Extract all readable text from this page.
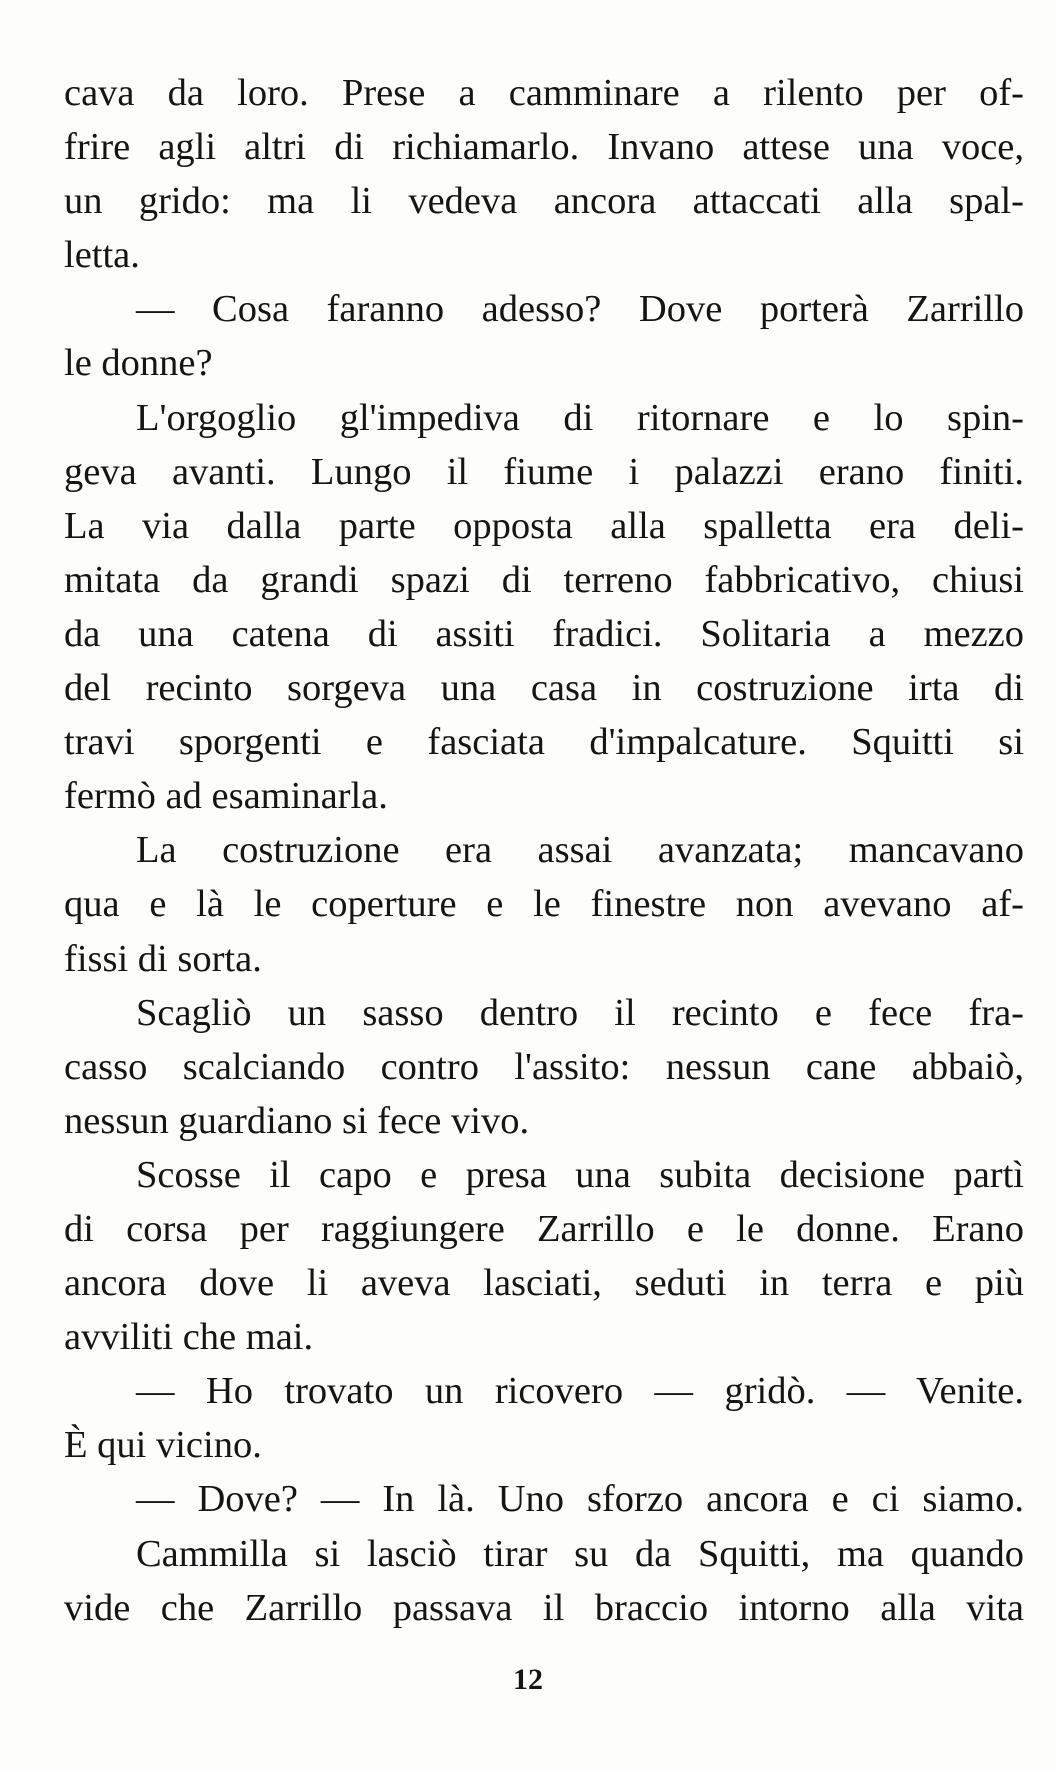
cava da loro. Prese a camminare a rilento per of-
frire agli altri di richiamarlo. Invano attese una voce,
un grido: ma li vedeva ancora attaccati alla spal-
letta.
— Cosa faranno adesso? Dove porterà Zarrillo
le donne?
L'orgoglio gl'impediva di ritornare e lo spin-
geva avanti. Lungo il fiume i palazzi erano finiti.
La via dalla parte opposta alla spalletta era deli-
mitata da grandi spazi di terreno fabbricativo, chiusi
da una catena di assiti fradici. Solitaria a mezzo
del recinto sorgeva una casa in costruzione irta di
travi sporgenti e fasciata d'impalcature. Squitti si
fermò ad esaminarla.
La costruzione era assai avanzata; mancavano
qua e là le coperture e le finestre non avevano af-
fissi di sorta.
Scagliò un sasso dentro il recinto e fece fra-
casso scalciando contro l'assito: nessun cane abbaiò,
nessun guardiano si fece vivo.
Scosse il capo e presa una subita decisione partì
di corsa per raggiungere Zarrillo e le donne. Erano
ancora dove li aveva lasciati, seduti in terra e più
avviliti che mai.
— Ho trovato un ricovero — gridò. — Venite.
È qui vicino.
— Dove? — In là. Uno sforzo ancora e ci siamo.
Cammilla si lasciò tirar su da Squitti, ma quando
vide che Zarrillo passava il braccio intorno alla vita
12
